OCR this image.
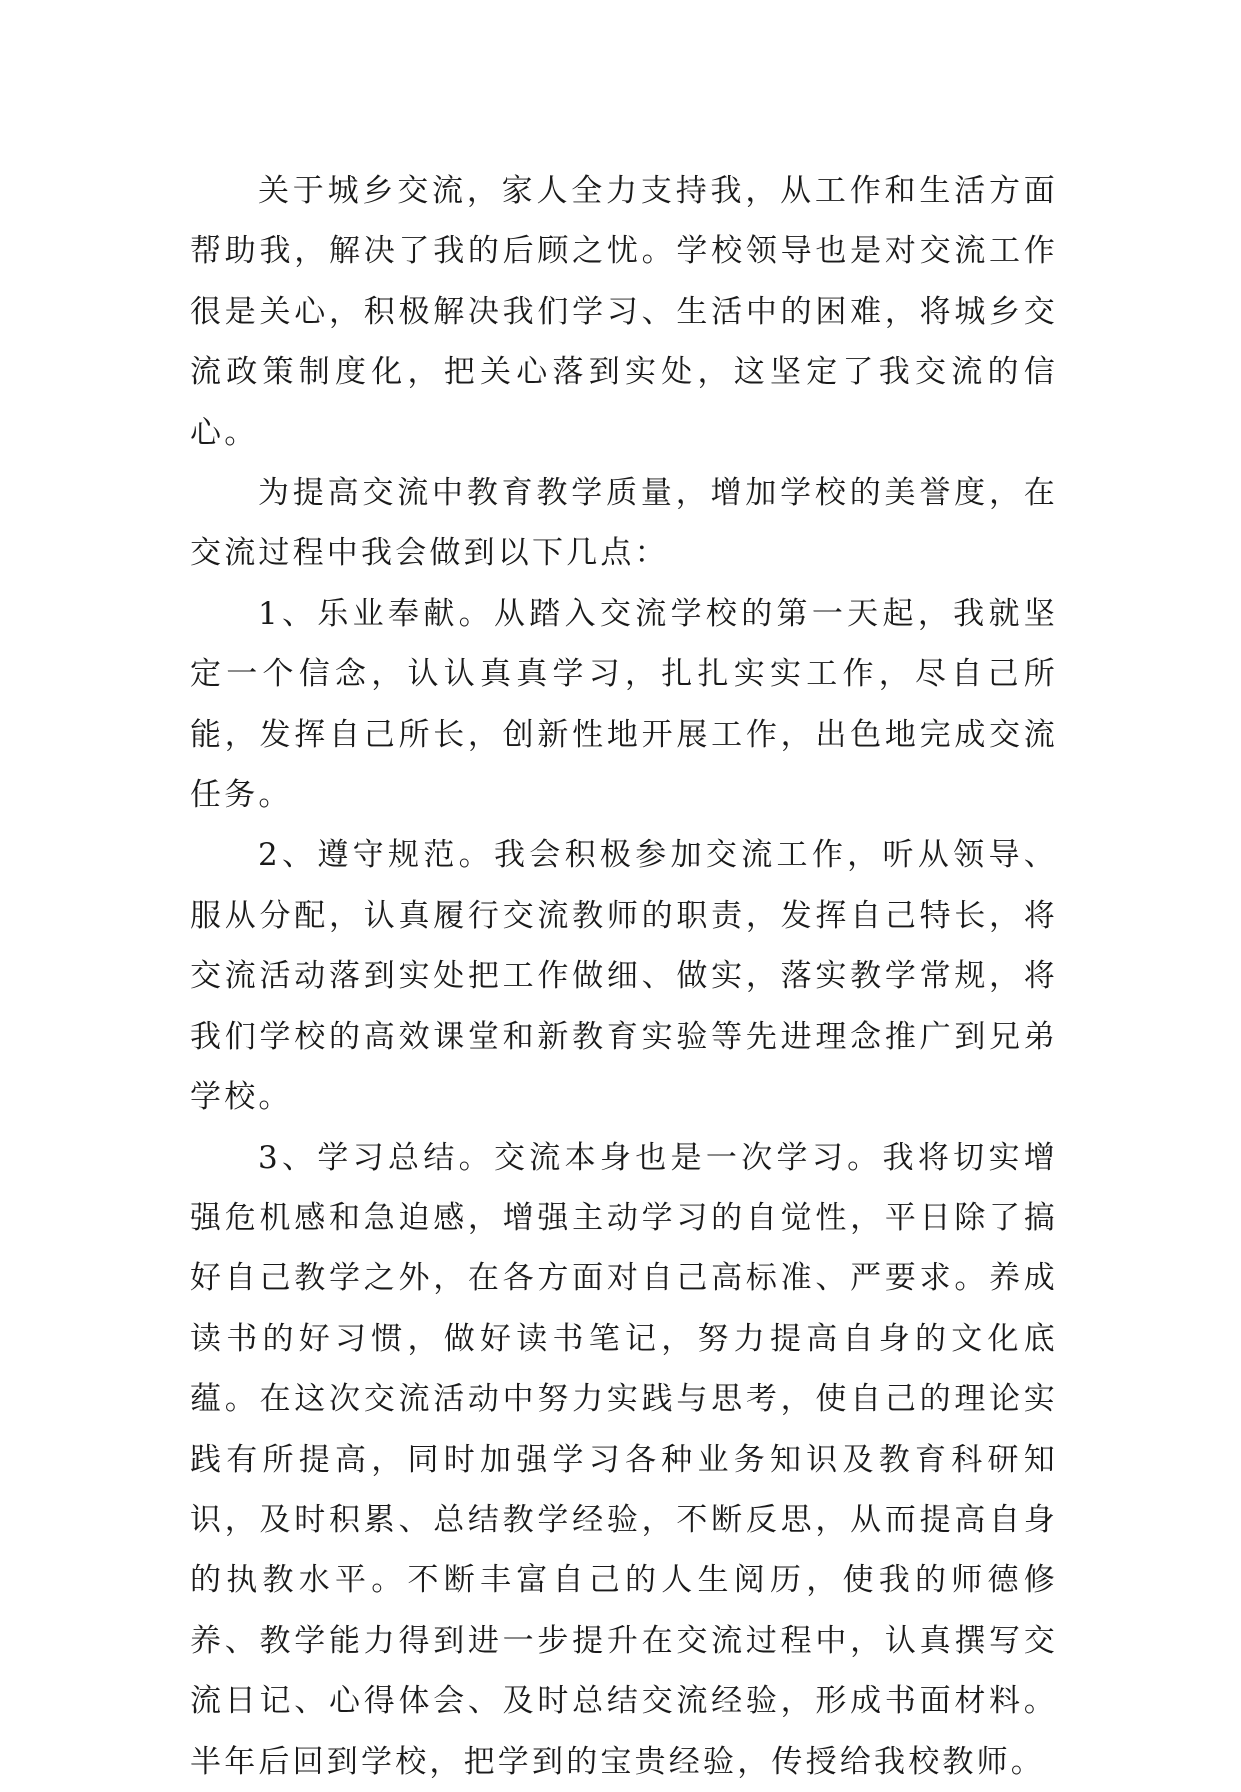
关于城乡交流，家人全力支持我，从工作和生活方面帮助我，解决了我的后顾之忧。学校领导也是对交流工作很是关心，积极解决我们学习、生活中的困难，将城乡交流政策制度化，把关心落到实处，这坚定了我交流的信心。

为提高交流中教育教学质量，增加学校的美誉度，在交流过程中我会做到以下几点：

1、乐业奉献。从踏入交流学校的第一天起，我就坚定一个信念，认认真真学习，扎扎实实工作，尽自己所能，发挥自己所长，创新性地开展工作，出色地完成交流任务。

2、遵守规范。我会积极参加交流工作，听从领导、服从分配，认真履行交流教师的职责，发挥自己特长，将交流活动落到实处把工作做细、做实，落实教学常规，将我们学校的高效课堂和新教育实验等先进理念推广到兄弟学校。

3、学习总结。交流本身也是一次学习。我将切实增强危机感和急迫感，增强主动学习的自觉性，平日除了搞好自己教学之外，在各方面对自己高标准、严要求。养成读书的好习惯，做好读书笔记，努力提高自身的文化底蕴。在这次交流活动中努力实践与思考，使自己的理论实践有所提高，同时加强学习各种业务知识及教育科研知识，及时积累、总结教学经验，不断反思，从而提高自身的执教水平。不断丰富自己的人生阅历，使我的师德修养、教学能力得到进一步提升在交流过程中，认真撰写交流日记、心得体会、及时总结交流经验，形成书面材料。半年后回到学校，把学到的宝贵经验，传授给我校教师。
